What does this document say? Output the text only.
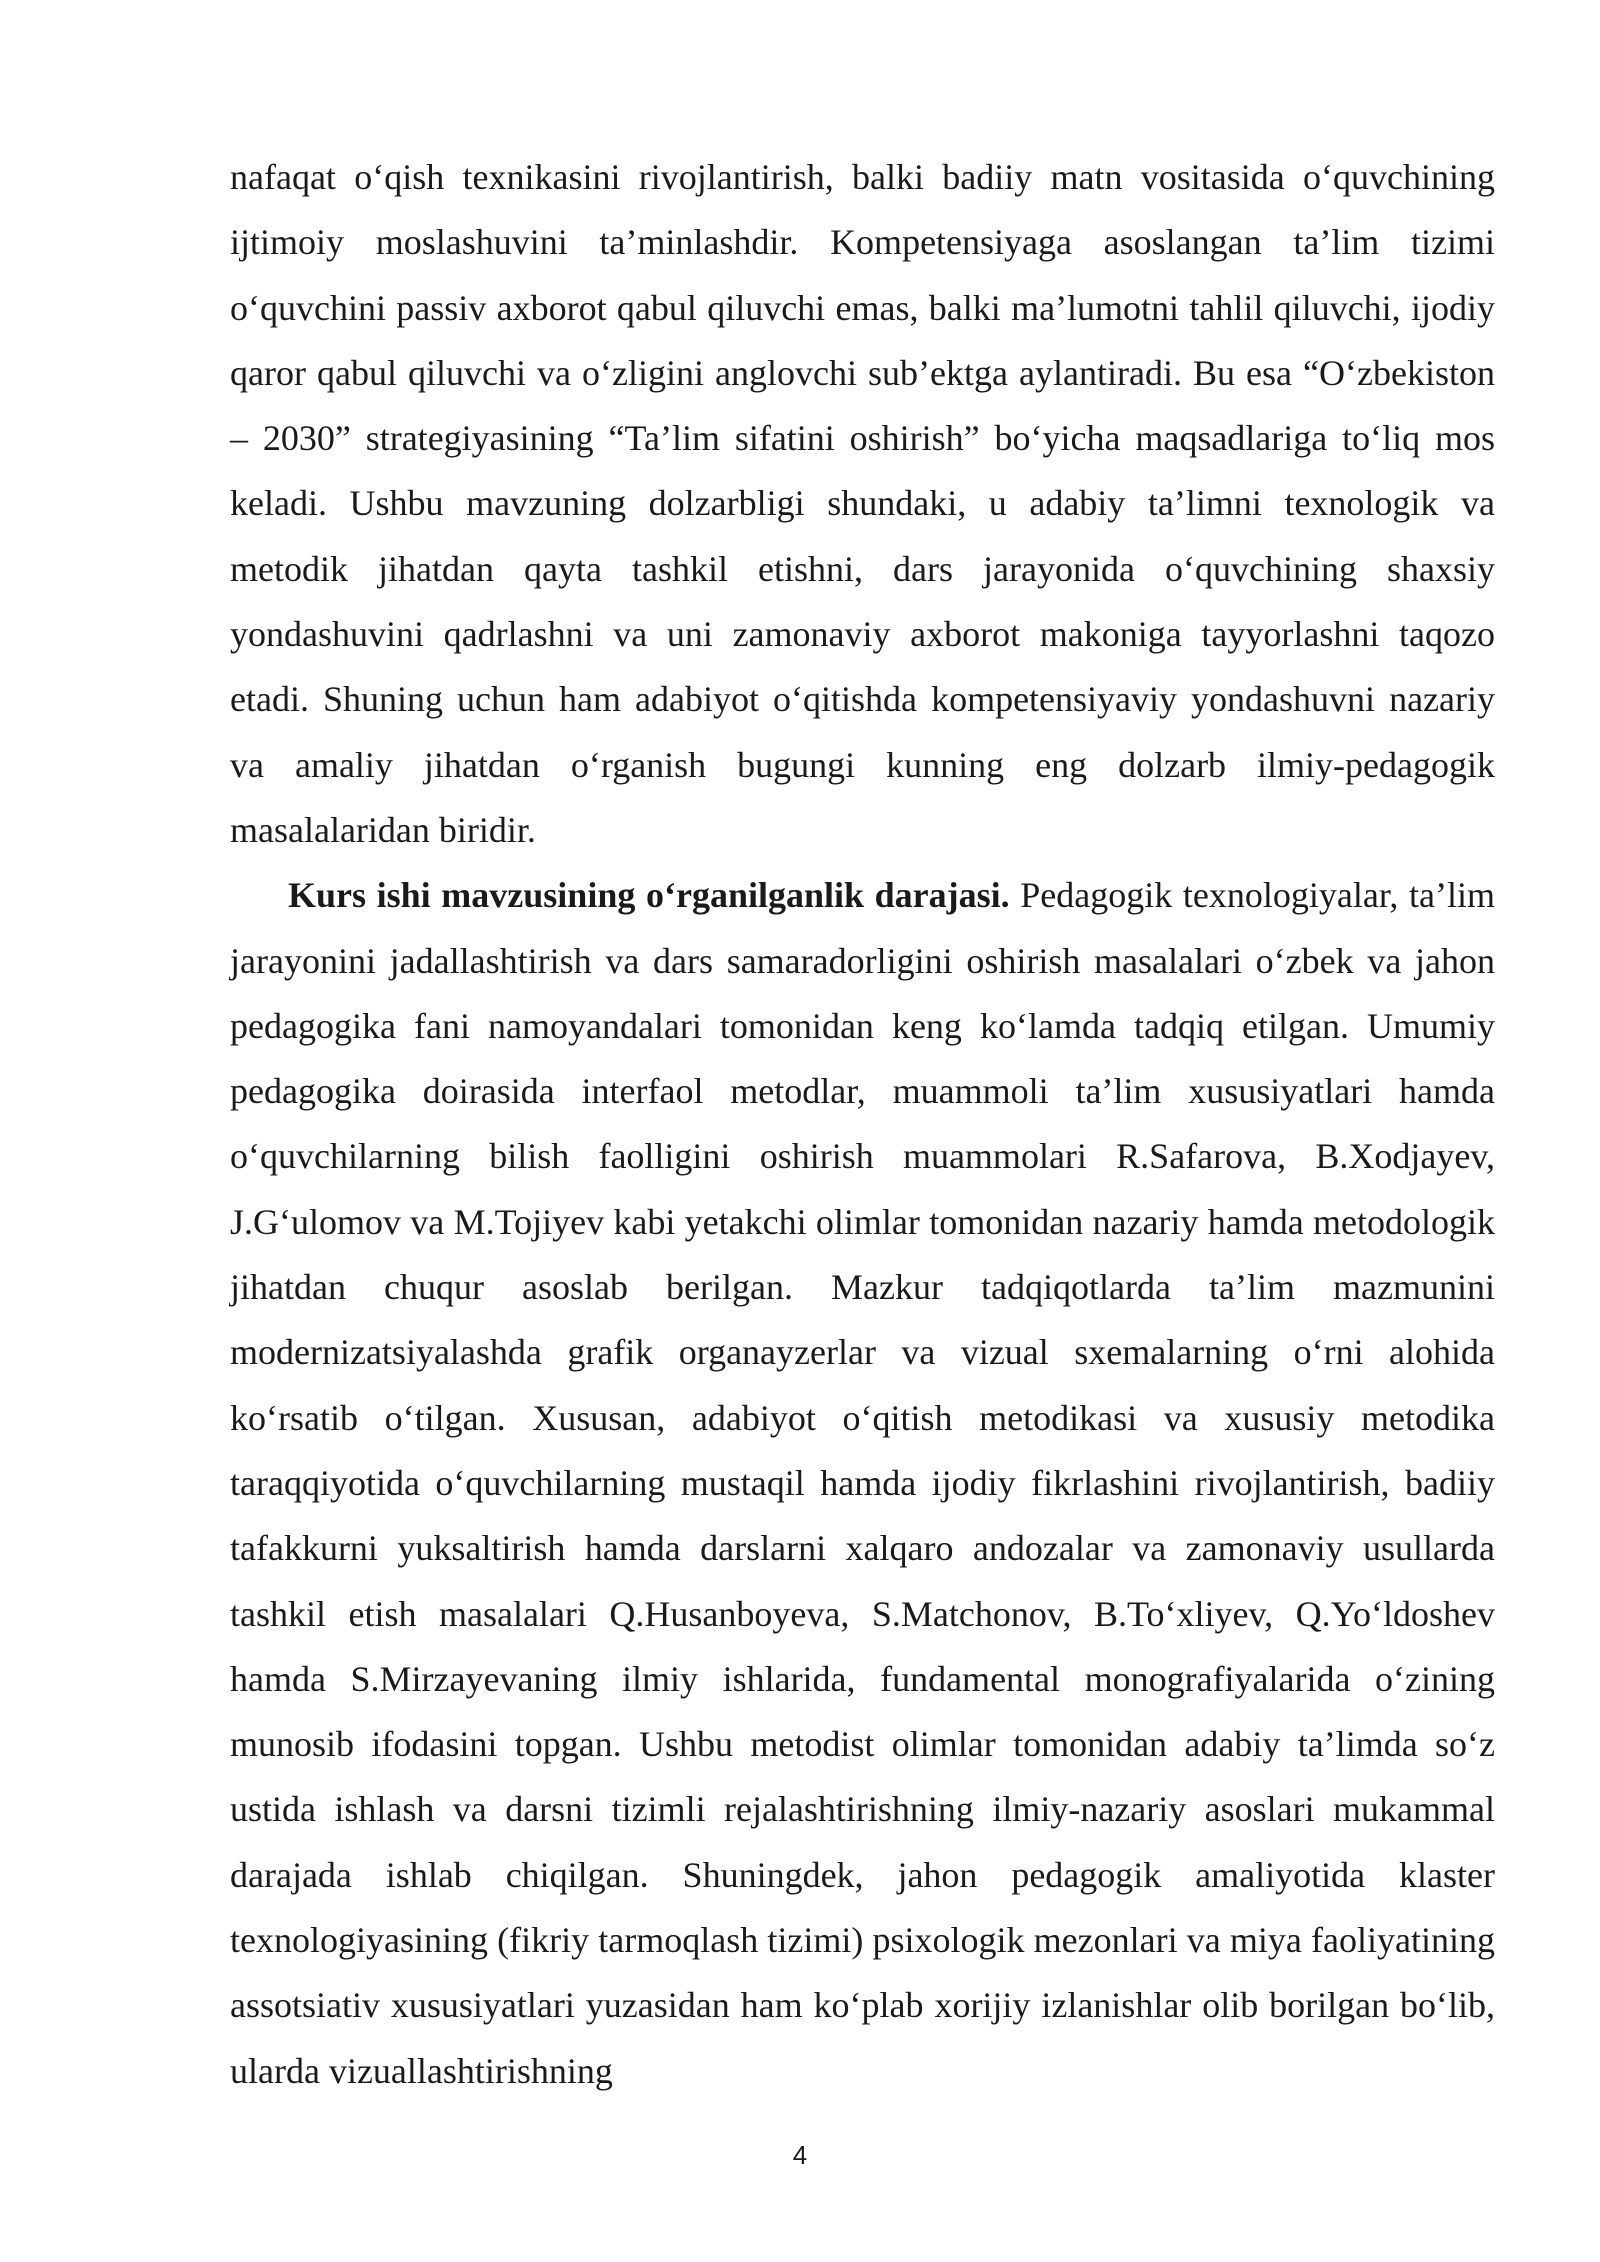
nafaqat o‘qish texnikasini rivojlantirish, balki badiiy matn vositasida o‘quvchining ijtimoiy moslashuvini ta’minlashdir. Kompetensiyaga asoslangan ta’lim tizimi o‘quvchini passiv axborot qabul qiluvchi emas, balki ma’lumotni tahlil qiluvchi, ijodiy qaror qabul qiluvchi va o‘zligini anglovchi sub’ektga aylantiradi. Bu esa “O‘zbekiston – 2030” strategiyasining “Ta’lim sifatini oshirish” bo‘yicha maqsadlariga to‘liq mos keladi. Ushbu mavzuning dolzarbligi shundaki, u adabiy ta’limni texnologik va metodik jihatdan qayta tashkil etishni, dars jarayonida o‘quvchining shaxsiy yondashuvini qadrlashni va uni zamonaviy axborot makoniga tayyorlashni taqozo etadi. Shuning uchun ham adabiyot o‘qitishda kompetensiyaviy yondashuvni nazariy va amaliy jihatdan o‘rganish bugungi kunning eng dolzarb ilmiy-pedagogik masalalaridan biridir.

Kurs ishi mavzusining o‘rganilganlik darajasi. Pedagogik texnologiyalar, ta’lim jarayonini jadallashtirish va dars samaradorligini oshirish masalalari o‘zbek va jahon pedagogika fani namoyandalari tomonidan keng ko‘lamda tadqiq etilgan. Umumiy pedagogika doirasida interfaol metodlar, muammoli ta’lim xususiyatlari hamda o‘quvchilarning bilish faolligini oshirish muammolari R.Safarova, B.Xodjayev, J.G‘ulomov va M.Tojiyev kabi yetakchi olimlar tomonidan nazariy hamda metodologik jihatdan chuqur asoslab berilgan. Mazkur tadqiqotlarda ta’lim mazmunini modernizatsiyalashda grafik organayzerlar va vizual sxemalarning o‘rni alohida ko‘rsatib o‘tilgan. Xususan, adabiyot o‘qitish metodikasi va xususiy metodika taraqqiyotida o‘quvchilarning mustaqil hamda ijodiy fikrlashini rivojlantirish, badiiy tafakkurni yuksaltirish hamda darslarni xalqaro andozalar va zamonaviy usullarda tashkil etish masalalari Q.Husanboyeva, S.Matchonov, B.To‘xliyev, Q.Yo‘ldoshev hamda S.Mirzayevaning ilmiy ishlarida, fundamental monografiyalarida o‘zining munosib ifodasini topgan. Ushbu metodist olimlar tomonidan adabiy ta’limda so‘z ustida ishlash va darsni tizimli rejalashtirishning ilmiy-nazariy asoslari mukammal darajada ishlab chiqilgan. Shuningdek, jahon pedagogik amaliyotida klaster texnologiyasining (fikriy tarmoqlash tizimi) psixologik mezonlari va miya faoliyatining assotsiativ xususiyatlari yuzasidan ham ko‘plab xorijiy izlanishlar olib borilgan bo‘lib, ularda vizuallashtirishning

4
